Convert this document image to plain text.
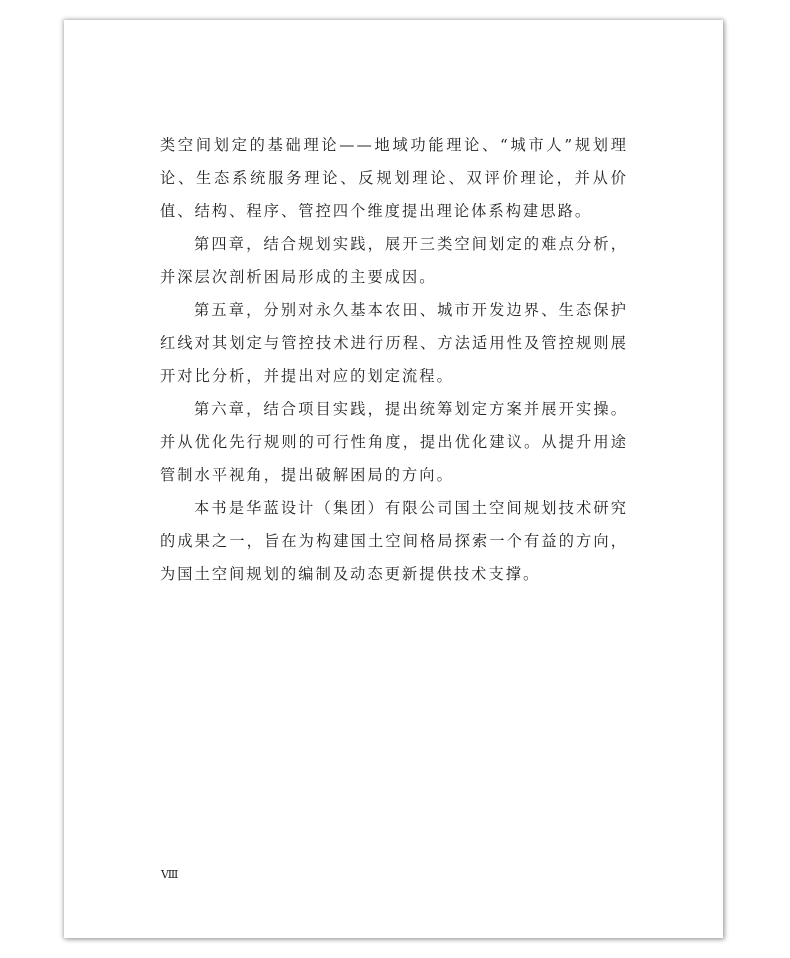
类空间划定的基础理论——地域功能理论、“城市人”规划理论、生态系统服务理论、反规划理论、双评价理论，并从价值、结构、程序、管控四个维度提出理论体系构建思路。

第四章，结合规划实践，展开三类空间划定的难点分析，并深层次剖析困局形成的主要成因。

第五章，分别对永久基本农田、城市开发边界、生态保护红线对其划定与管控技术进行历程、方法适用性及管控规则展开对比分析，并提出对应的划定流程。

第六章，结合项目实践，提出统筹划定方案并展开实操。并从优化先行规则的可行性角度，提出优化建议。从提升用途管制水平视角，提出破解困局的方向。

本书是华蓝设计（集团）有限公司国土空间规划技术研究的成果之一，旨在为构建国土空间格局探索一个有益的方向，为国土空间规划的编制及动态更新提供技术支撑。

Ⅷ
